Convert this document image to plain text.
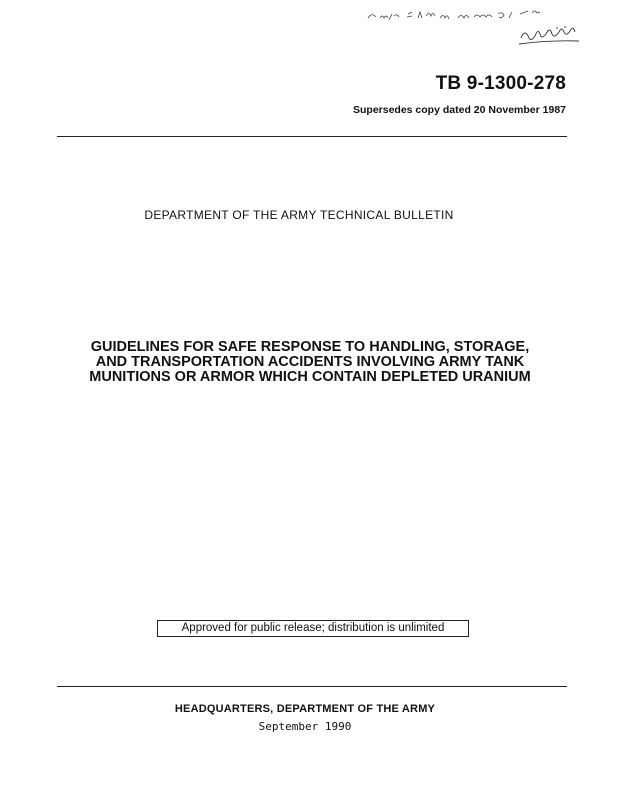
TB 9-1300-278
Supersedes copy dated 20 November 1987
DEPARTMENT OF THE ARMY TECHNICAL BULLETIN
GUIDELINES FOR SAFE RESPONSE TO HANDLING, STORAGE,
AND TRANSPORTATION ACCIDENTS INVOLVING ARMY TANK
MUNITIONS OR ARMOR WHICH CONTAIN DEPLETED URANIUM
Approved for public release; distribution is unlimited
HEADQUARTERS, DEPARTMENT OF THE ARMY
September 1990
